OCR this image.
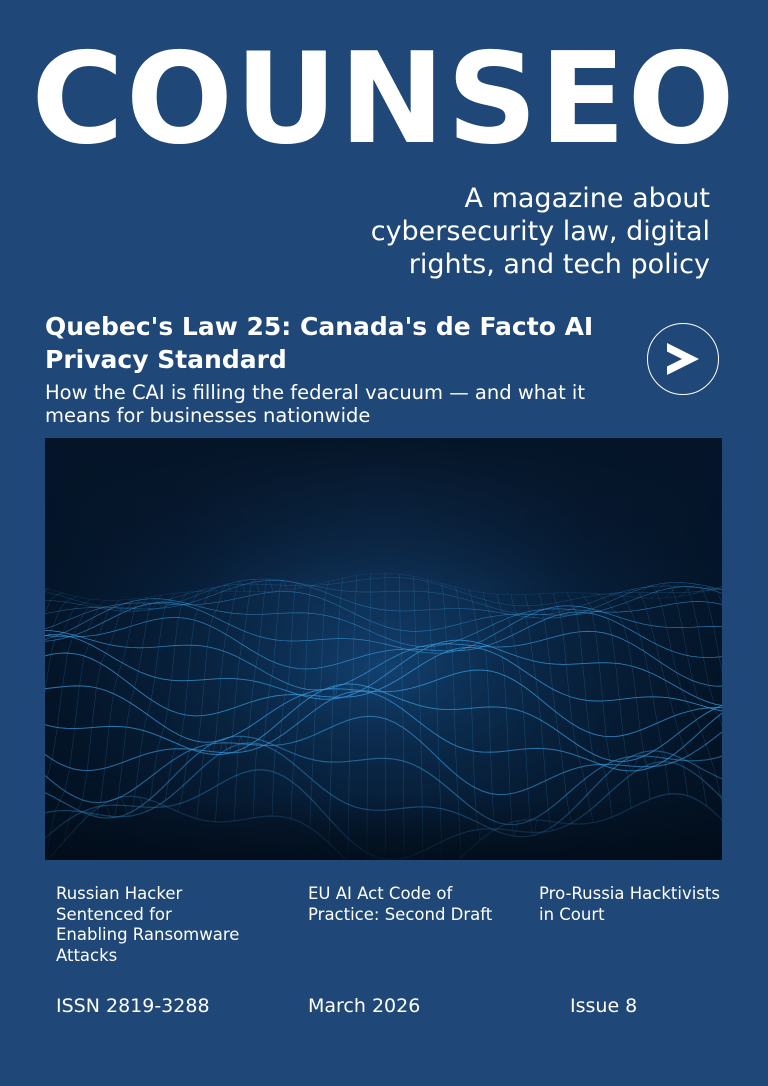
COUNSEO
A magazine about cybersecurity law, digital rights, and tech policy
Quebec's Law 25: Canada's de Facto AI Privacy Standard

How the CAI is filling the federal vacuum — and what it means for businesses nationwide

Russian Hacker Sentenced for Enabling Ransomware Attacks

EU AI Act Code of Practice: Second Draft

Pro-Russia Hacktivists in Court

ISSN 2819-3288	March 2026	Issue 8
